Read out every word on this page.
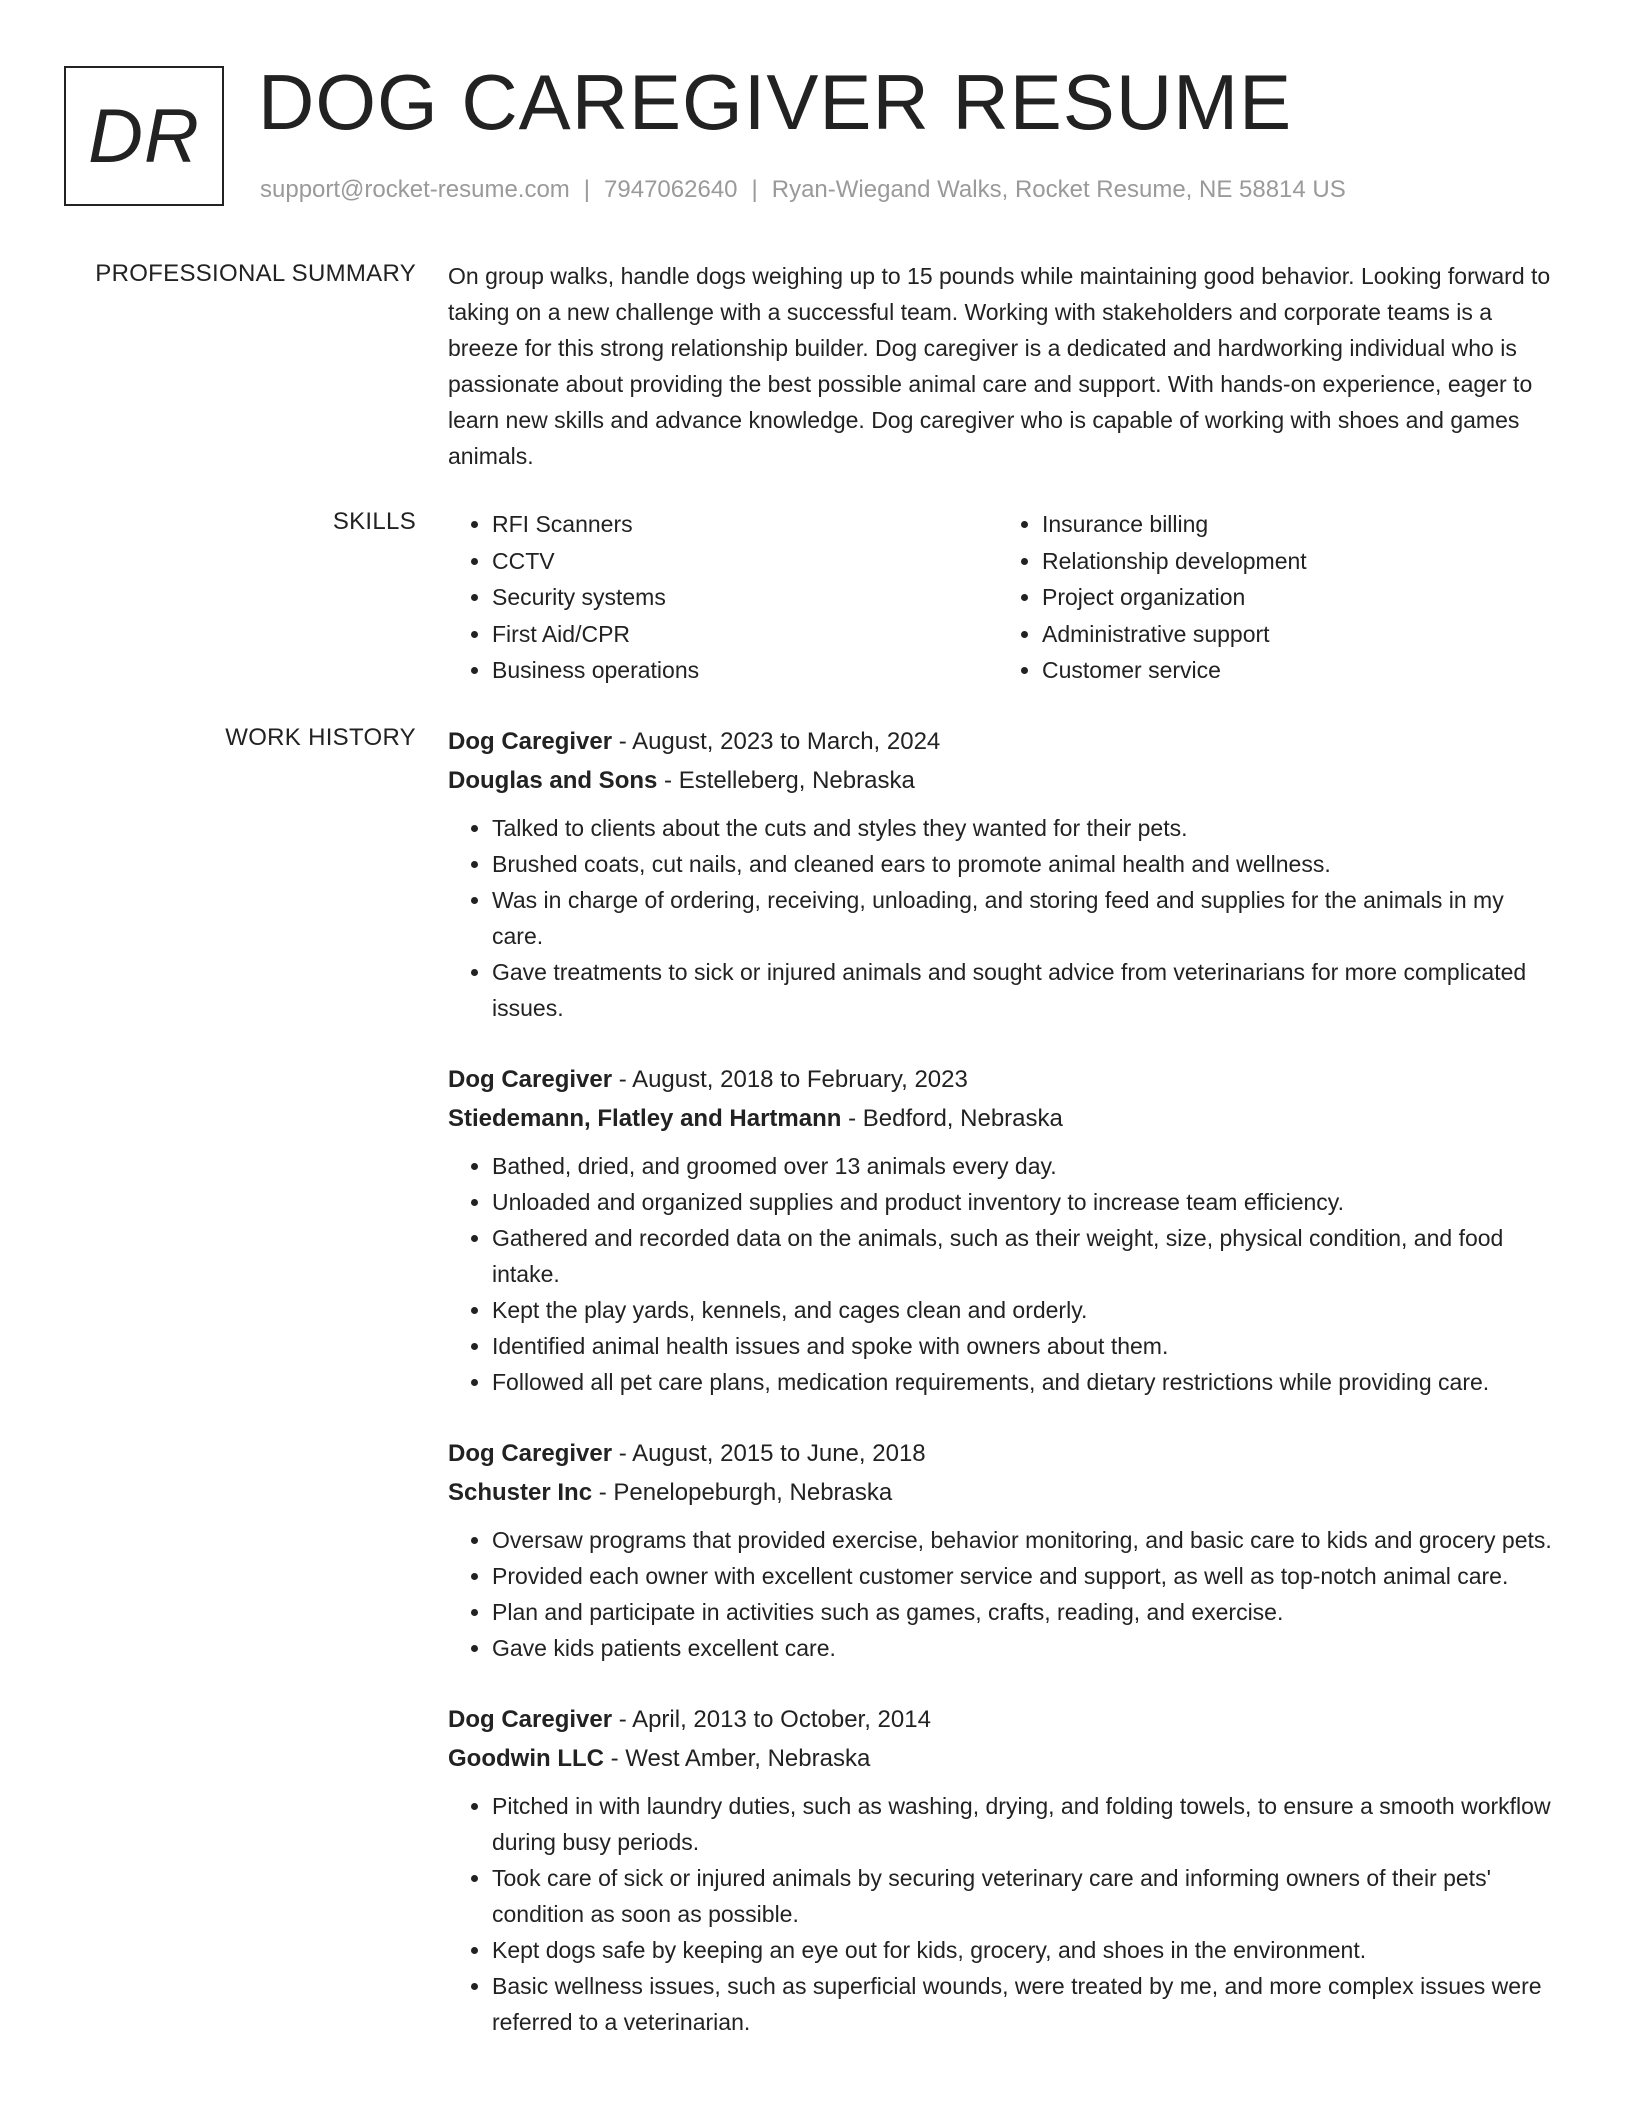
DR DOG CAREGIVER RESUME
support@rocket-resume.com | 7947062640 | Ryan-Wiegand Walks, Rocket Resume, NE 58814 US
PROFESSIONAL SUMMARY On group walks, handle dogs weighing up to 15 pounds while maintaining good behavior. Looking forward to taking on a new challenge with a successful team. Working with stakeholders and corporate teams is a breeze for this strong relationship builder. Dog caregiver is a dedicated and hardworking individual who is passionate about providing the best possible animal care and support. With hands-on experience, eager to learn new skills and advance knowledge. Dog caregiver who is capable of working with shoes and games animals.
SKILLS
•	RFI Scanners
• CCTV
• Security systems
• First Aid/CPR
• Business operations
• Insurance billing
• Relationship development
• Project organization
• Administrative support
• Customer service
WORK HISTORY Dog Caregiver - August, 2023 to March, 2024

Douglas and Sons - Estelleberg, Nebraska

• Talked to clients about the cuts and styles they wanted for their pets.
• Brushed coats, cut nails, and cleaned ears to promote animal health and wellness.
• Was in charge of ordering, receiving, unloading, and storing feed and supplies for the animals in my care.
• Gave treatments to sick or injured animals and sought advice from veterinarians for more complicated issues.

Dog Caregiver - August, 2018 to February, 2023

Stiedemann, Flatley and Hartmann - Bedford, Nebraska

• Bathed, dried, and groomed over 13 animals every day.
• Unloaded and organized supplies and product inventory to increase team efficiency.
• Gathered and recorded data on the animals, such as their weight, size, physical condition, and food intake.
• Kept the play yards, kennels, and cages clean and orderly.
• Identified animal health issues and spoke with owners about them.
• Followed all pet care plans, medication requirements, and dietary restrictions while providing care.

Dog Caregiver - August, 2015 to June, 2018

Schuster Inc - Penelopeburgh, Nebraska

• Oversaw programs that provided exercise, behavior monitoring, and basic care to kids and grocery pets.
• Provided each owner with excellent customer service and support, as well as top-notch animal care.
• Plan and participate in activities such as games, crafts, reading, and exercise.
• Gave kids patients excellent care.

Dog Caregiver - April, 2013 to October, 2014

Goodwin LLC - West Amber, Nebraska

• Pitched in with laundry duties, such as washing, drying, and folding towels, to ensure a smooth workflow during busy periods.
• Took care of sick or injured animals by securing veterinary care and informing owners of their pets' condition as soon as possible.
• Kept dogs safe by keeping an eye out for kids, grocery, and shoes in the environment.
• Basic wellness issues, such as superficial wounds, were treated by me, and more complex issues were referred to a veterinarian.
